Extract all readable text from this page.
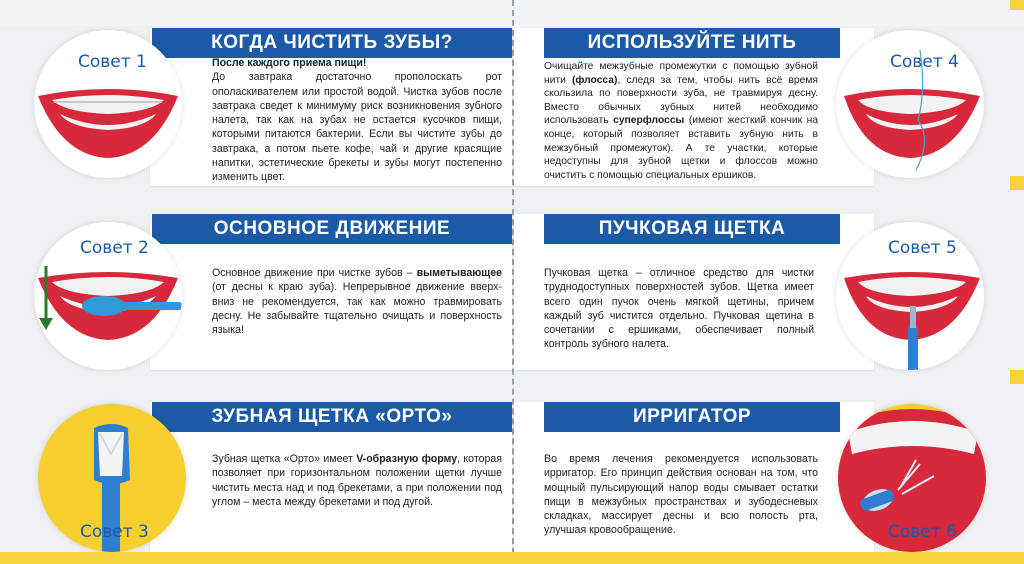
КОГДА ЧИСТИТЬ ЗУБЫ?
После каждого приема пищи!
До завтрака достаточно прополоскать рот ополаскивателем или простой водой. Чистка зубов после завтрака сведет к минимуму риск возникновения зубного налета, так как на зубах не остается кусочков пищи, которыми питаются бактерии. Если вы чистите зубы до завтрака, а потом пьете кофе, чай и другие красящие напитки, эстетические брекеты и зубы могут постепенно изменить цвет.
Совет 1
ОСНОВНОЕ ДВИЖЕНИЕ
Основное движение при чистке зубов – выметывающее (от десны к краю зуба). Непрерывное движение вверх-вниз не рекомендуется, так как можно травмировать десну. Не забывайте тщательно очищать и поверхность языка!
Совет 2
ЗУБНАЯ ЩЕТКА «ОРТО»
Зубная щетка «Орто» имеет V-образную форму, которая позволяет при горизонтальном положении щетки лучше чистить места над и под брекетами, а при положении под углом – места между брекетами и под дугой.
Совет 3
ИСПОЛЬЗУЙТЕ НИТЬ
Очищайте межзубные промежутки с помощью зубной нити (флосса), следя за тем, чтобы нить всё время скользила по поверхности зуба, не травмируя десну. Вместо обычных зубных нитей необходимо использовать суперфлоссы (имеют жесткий кончик на конце, который позволяет вставить зубную нить в межзубный промежуток). А те участки, которые недоступны для зубной щетки и флоссов можно очистить с помощью специальных ершиков.
Совет 4
ПУЧКОВАЯ ЩЕТКА
Пучковая щетка – отличное средство для чистки труднодоступных поверхностей зубов. Щетка имеет всего один пучок очень мягкой щетины, причем каждый зуб чистится отдельно. Пучковая щетина в сочетании с ершиками, обеспечивает полный контроль зубного налета.
Совет 5
ИРРИГАТОР
Во время лечения рекомендуется использовать ирригатор. Его принцип действия основан на том, что мощный пульсирующий напор воды смывает остатки пищи в межзубных пространствах и зубодесневых складках, массирует десны и всю полость рта, улучшая кровообращение.	Совет 6
